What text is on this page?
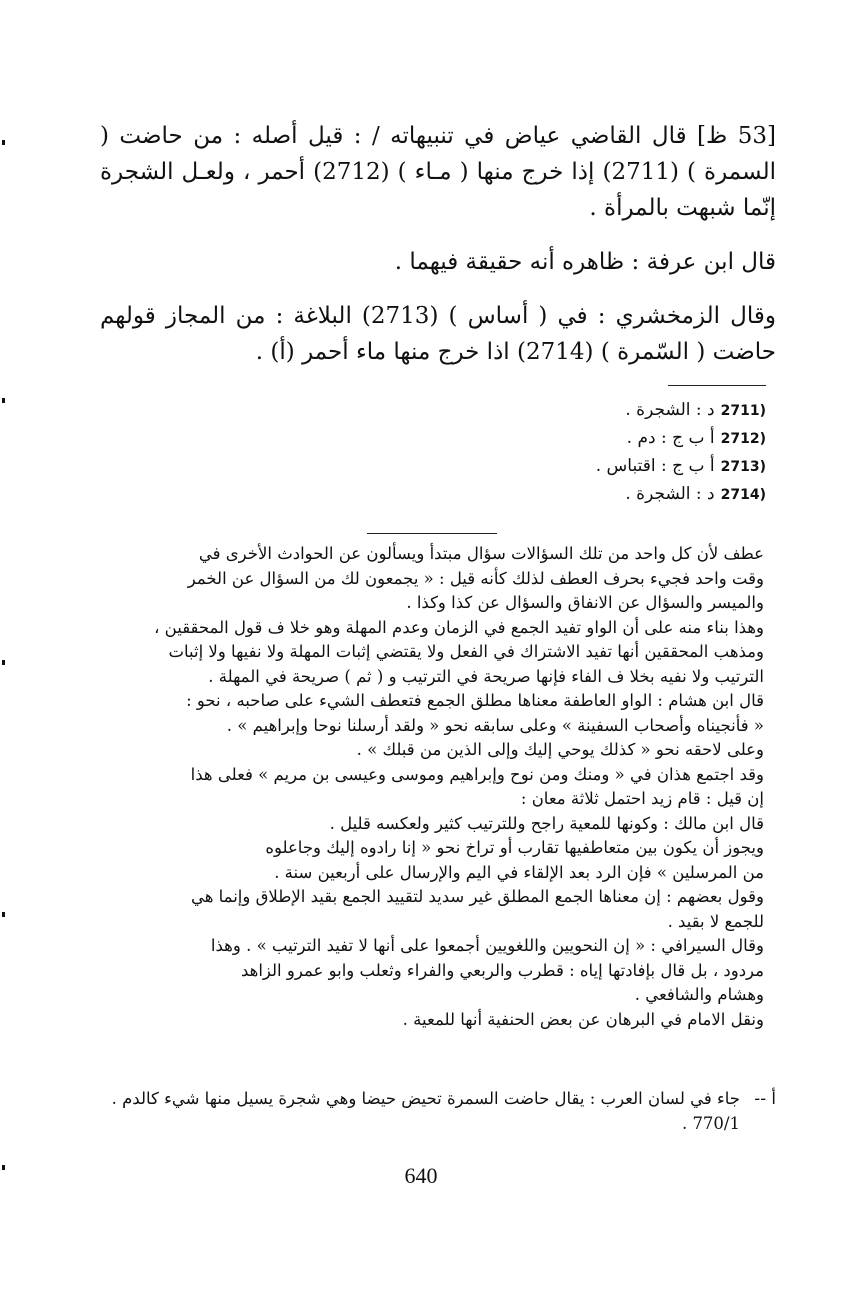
[53 ظ] قال القاضي عياض في تنبيهاته / : قيل أصله : من حاضت ( السمرة ) (2711) إذا خرج منها ( مـاء ) (2712) أحمر ، ولعـل الشجرة إنّما شبهت بالمرأة .

قال ابن عرفة : ظاهره أنه حقيقة فيهما .

وقال الزمخشري : في ( أساس ) (2713) البلاغة : من المجاز قولهم حاضت ( السّمرة ) (2714) اذا خرج منها ماء أحمر (أ) .

(2711د : الشجرة .
(2712أ ب ج : دم .
(2713أ ب ج : اقتباس .
(2714د : الشجرة .
عطف لأن كل واحد من تلك السؤالات سؤال مبتدأ ويسألون عن الحوادث الأخرى في
وقت واحد فجيء بحرف العطف لذلك كأنه قيل : « يجمعون لك من السؤال عن الخمر
والميسر والسؤال عن الانفاق والسؤال عن كذا وكذا .
وهذا بناء منه على أن الواو تفيد الجمع في الزمان وعدم المهلة وهو خلا ف قول المحققين ،
ومذهب المحققين أنها تفيد الاشتراك في الفعل ولا يقتضي إثبات المهلة ولا نفيها ولا إثبات
الترتيب ولا نفيه بخلا ف الفاء فإنها صريحة في الترتيب و ( ثم ) صريحة في المهلة .
قال ابن هشام : الواو العاطفة معناها مطلق الجمع فتعطف الشيء على صاحبه ، نحو :
« فأنجيناه وأصحاب السفينة » وعلى سابقه نحو « ولقد أرسلنا نوحا وإبراهيم » .
وعلى لاحقه نحو « كذلك يوحي إليك وإلى الذين من قبلك » .
وقد اجتمع هذان في « ومنك ومن نوح وإبراهيم وموسى وعيسى بن مريم » فعلى هذا
إن قيل : قام زيد احتمل ثلاثة معان :
قال ابن مالك : وكونها للمعية راجح وللترتيب كثير ولعكسه قليل .
ويجوز أن يكون بين متعاطفيها تقارب أو تراخ نحو « إنا رادوه إليك وجاعلوه
من المرسلين » فإن الرد بعد الإلقاء في اليم والإرسال على أربعين سنة .
وقول بعضهم : إن معناها الجمع المطلق غير سديد لتقييد الجمع بقيد الإطلاق وإنما هي
للجمع لا بقيد .
وقال السيرافي : « إن النحويين واللغويين أجمعوا على أنها لا تفيد الترتيب » . وهذا
مردود ، بل قال بإفادتها إياه : قطرب والربعي والفراء وثعلب وابو عمرو الزاهد
وهشام والشافعي .
ونقل الامام في البرهان عن بعض الحنفية أنها للمعية .
أ --
جاء في لسان العرب : يقال حاضت السمرة تحيض حيضا وهي شجرة يسيل منها شيء كالدم . 770/1 .
640
